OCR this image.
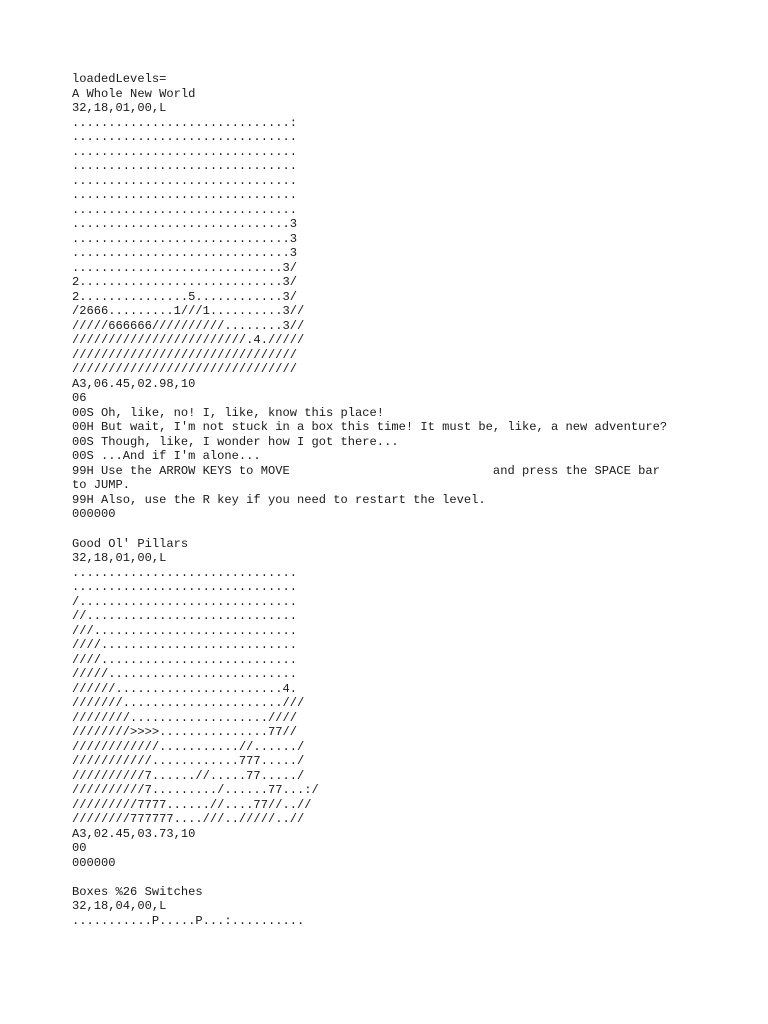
loadedLevels=
A Whole New World
32,18,01,00,L
..............................:
...............................
...............................
...............................
...............................
...............................
...............................
..............................3
..............................3
..............................3
.............................3/
2............................3/
2...............5............3/
/2666.........1///1..........3//
/////666666//////////........3//
////////////////////////.4./////
///////////////////////////////
///////////////////////////////
A3,06.45,02.98,10
06
00S Oh, like, no! I, like, know this place!
00H But wait, I'm not stuck in a box this time! It must be, like, a new adventure?
00S Though, like, I wonder how I got there...
00S ...And if I'm alone...
99H Use the ARROW KEYS to MOVE                            and press the SPACE bar
to JUMP.
99H Also, use the R key if you need to restart the level.
000000
Good Ol' Pillars
32,18,01,00,L
...............................
...............................
/..............................
//.............................
///............................
////...........................
////...........................
/////..........................
//////.......................4.
///////......................///
////////...................////
////////>>>>...............77//
////////////...........//....../
///////////............777...../
//////////7......//.....77...../
//////////7........./......77...:/
/////////7777......//....77//..//
////////777777....///../////..//
A3,02.45,03.73,10
00
000000
Boxes %26 Switches
32,18,04,00,L
...........P.....P...:..........
